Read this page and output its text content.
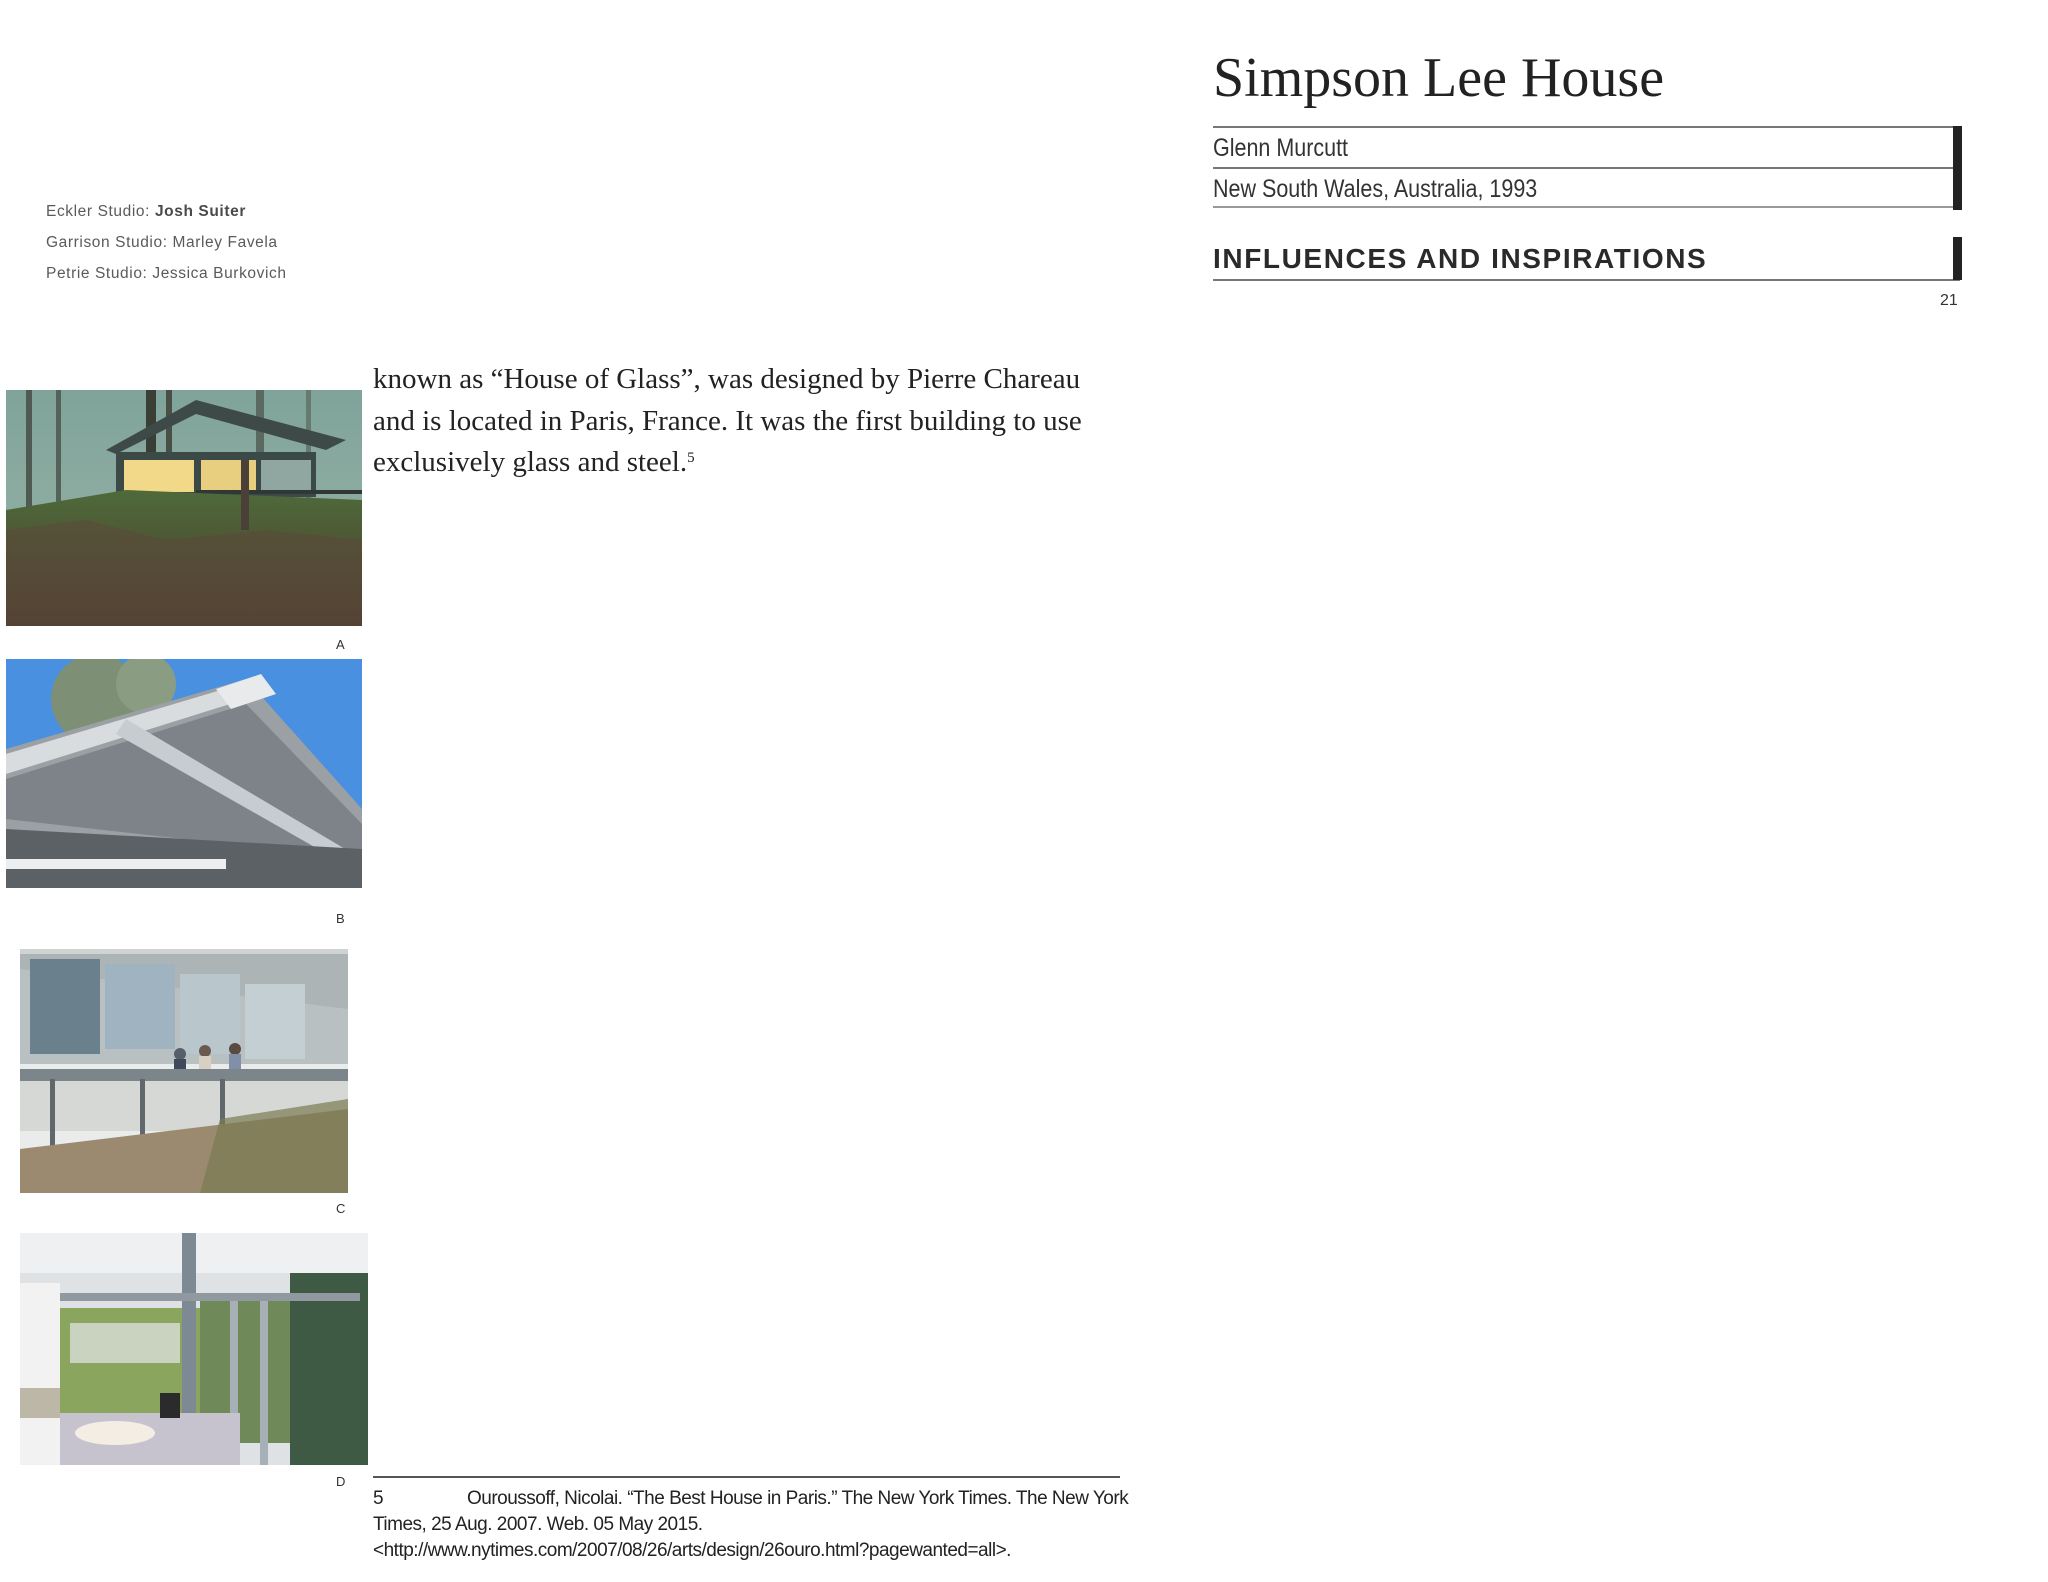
Eckler Studio: Josh Suiter
Garrison Studio: Marley Favela
Petrie Studio: Jessica Burkovich
Simpson Lee House
Glenn Murcutt
New South Wales, Australia, 1993
INFLUENCES AND INSPIRATIONS
21
known as “House of Glass”, was designed by Pierre Chareau and is located in Paris, France. It was the first building to use exclusively glass and steel.$^5$
A
B
C
D
5	Ouroussoff, Nicolai. “The Best House in Paris.” The New York Times. The New York Times, 25 Aug. 2007. Web. 05 May 2015. <http://www.nytimes.com/2007/08/26/arts/design/26ouro.html?pagewanted=all>.
